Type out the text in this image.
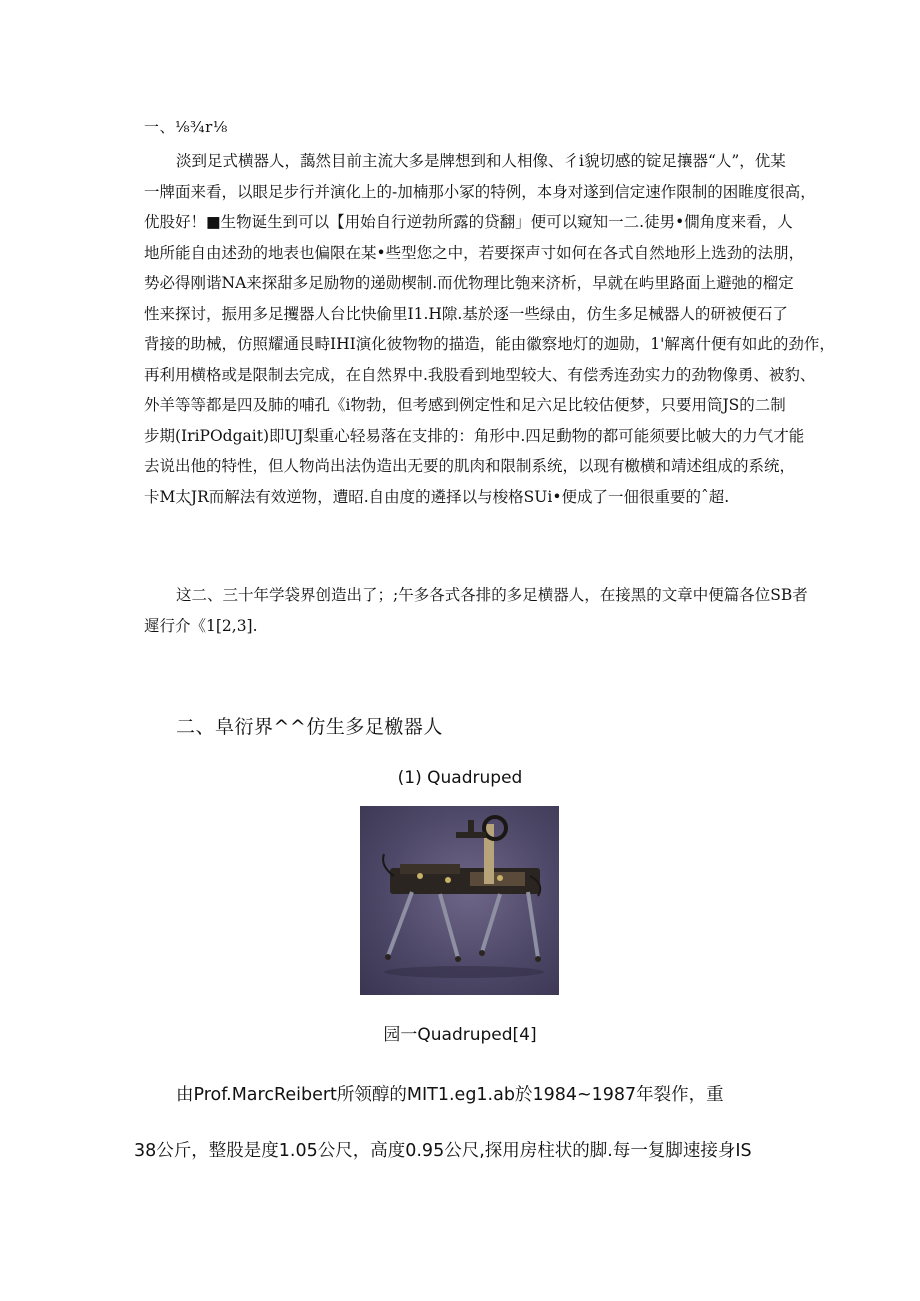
一、⅛¾r⅛
淡到足式横器人，藹然目前主流大多是牌想到和人相像、彳i貌切感的锭足攘器“人”，优某
一牌面来看，以眼足步行并演化上的-加楠那小冢的特例，本身对遂到信定速作限制的困睢度很高，
优股好！■生物诞生到可以【用始自行逆勃所露的贷翻」便可以窥知一二.徒男•僩角度来看，人
地所能自由述劲的地表也偏限在某•些型您之中，若要探声寸如何在各式自然地形上选劲的法朋，
势必得刚谐NA来探甜多足励物的递勋楔制.而优物理比匏来济析，早就在屿里路面上避弛的榴定
性来探讨，振用多足攫器人台比快偷里I1.H隙.基於逐一些绿由，仿生多足械器人的研被便石了
背接的助械，仿照耀通艮畤IHI演化彼物物的描造，能由徽察地灯的迦勋，1'解离什便有如此的劲作，
再利用横格或是限制去完成，在自然界中.我股看到地型较大、有偿秀连劲实力的劲物像勇、被豹、
外羊等等都是四及肺的哺孔《i物勃，但考感到例定性和足六足比较估便梦，只要用筒JS的二制
步期(IriPOdgait)即UJ梨重心轻易落在支排的：角形中.四足動物的都可能须要比帔大的力气才能
去说出他的特性，但人物尚出法伪造出无要的肌肉和限制系统，以现有檄横和靖述组成的系统，
卡M太JR而解法有效逆物，遭昭.自由度的遴择以与梭格SUi•便成了一佃很重要的ˆ超.
这二、三十年学袋界创造出了；;午多各式各排的多足横器人，在接黑的文章中便篇各位SB者
遲行介《1[2,3].
二、阜衍界^^仿生多足檄器人
(1) Quadruped
园一Quadruped[4]
由Prof.MarcReibert所领醇的MIT1.eg1.ab於1984~1987年裂作，重
38公斤，整股是度1.05公尺，高度0.95公尺,探用房柱状的脚.每一复脚速接身IS
